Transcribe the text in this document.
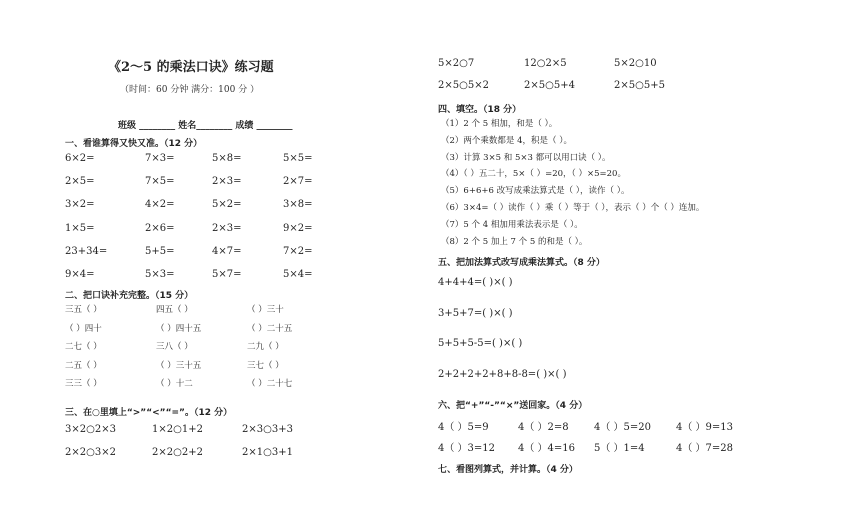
《2～5 的乘法口诀》练习题
（时间：60 分钟 满分：100 分 ）
班级 ________ 姓名________ 成绩 ________
一、看谁算得又快又准。（12 分）
6×2=	7×3=	5×8=	5×5=
2×5=	7×5=	2×3=	2×7=
3×2=	4×2=	5×2=	3×8=
1×5=	2×6=	2×3=	9×2=
23+34=	5+5=	4×7=	7×2=
9×4=	5×3=	5×7=	5×4=
二、把口诀补充完整。（15 分）
三五（ ）	四五（ ）	（ ）三十
（ ）四十	（ ）四十五	（ ）二十五
二七（ ）	三八（ ）	二九（ ）
二五（ ）	（ ）三十五	三七（ ）
三三（ ）	（ ）十二	（ ）二十七
三、在○里填上“>”“<”“=”。（12 分）
3×2○2×3	1×2○1+2	2×3○3+3
2×2○3×2	2×2○2+2	2×1○3+1
5×2○7	12○2×5	5×2○10
2×5○5×2	2×5○5+4	2×5○5+5
四、填空。（18 分）
（1）2 个 5 相加，和是（ ）。
（2）两个乘数都是 4，积是（ ）。
（3）计算 3×5 和 5×3 都可以用口诀（ ）。
（4）（ ）五二十，5×（ ）=20，（ ）×5=20。
（5）6+6+6 改写成乘法算式是（ ），读作（ ）。
（6）3×4=（ ）读作（ ）乘（ ）等于（ ），表示（ ）个（ ）连加。
（7）5 个 4 相加用乘法表示是（ ）。
（8）2 个 5 加上 7 个 5 的和是（ ）。
五、把加法算式改写成乘法算式。（8 分）
4+4+4=( )×( )
3+5+7=( )×( )
5+5+5-5=( )×( )
2+2+2+2+8+8-8=( )×( )
六、把“+”“-”“×”送回家。（4 分）
4（ ）5=9	4（ ）2=8	4（ ）5=20 4（ ）9=13
4（ ）3=12 4（ ）4=16 5（ ）1=4	4（ ）7=28
七、看图列算式，并计算。（4 分）
